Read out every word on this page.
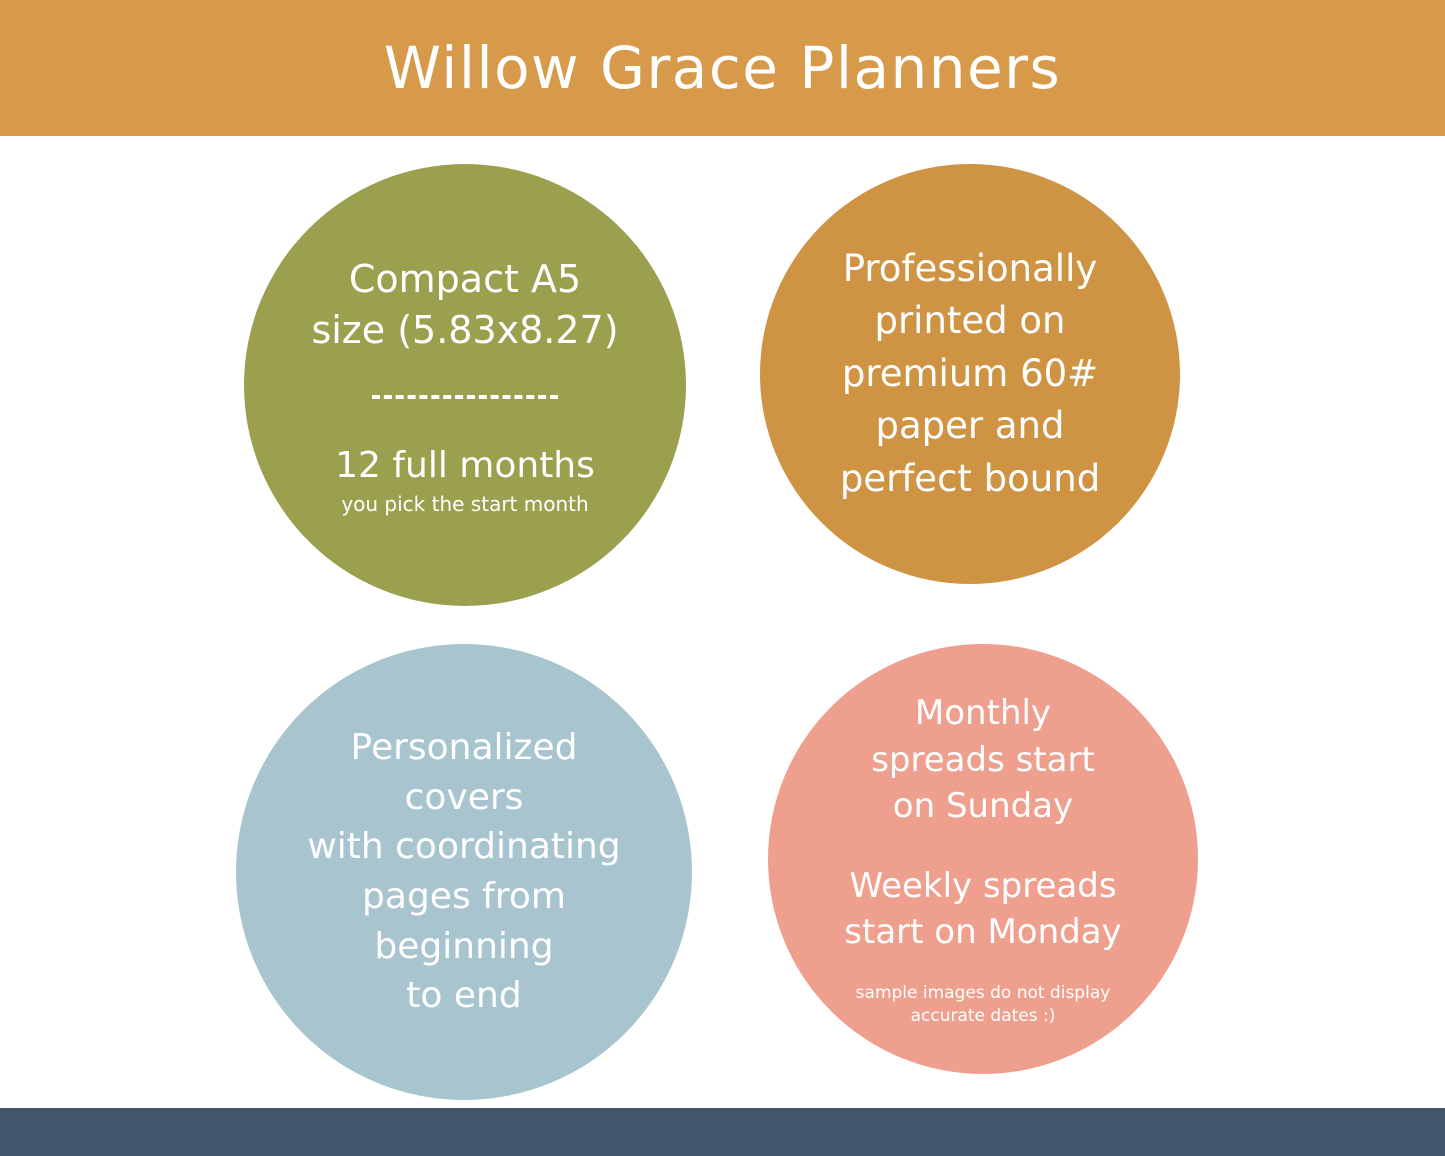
Willow Grace Planners
Compact A5
size (5.83x8.27)
12 full months
you pick the start month
Professionally
printed on
premium 60#
paper and
perfect bound
Personalized
covers
with coordinating
pages from
beginning
to end
Monthly
spreads start
on Sunday
Weekly spreads
start on Monday
sample images do not display
accurate dates :)
